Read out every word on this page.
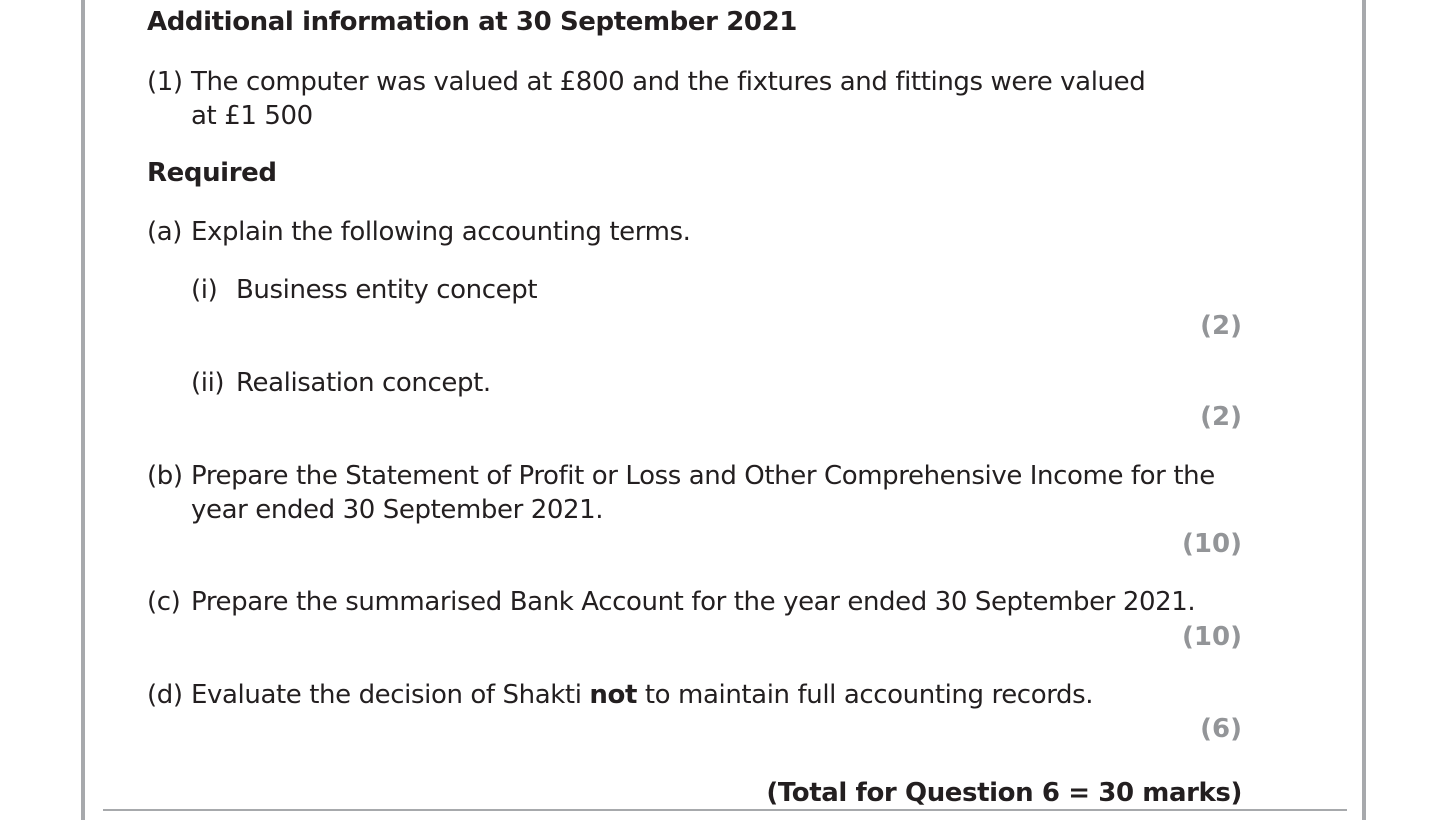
Additional information at 30 September 2021
(1) The computer was valued at £800 and the fixtures and fittings were valued
at £1 500
Required
(a) Explain the following accounting terms.
(i) Business entity concept
(2)
(ii) Realisation concept.
(2)
(b) Prepare the Statement of Profit or Loss and Other Comprehensive Income for the
year ended 30 September 2021.
(10)
(c) Prepare the summarised Bank Account for the year ended 30 September 2021.
(10)
(d) Evaluate the decision of Shakti not to maintain full accounting records.
(6)
(Total for Question 6 = 30 marks)
